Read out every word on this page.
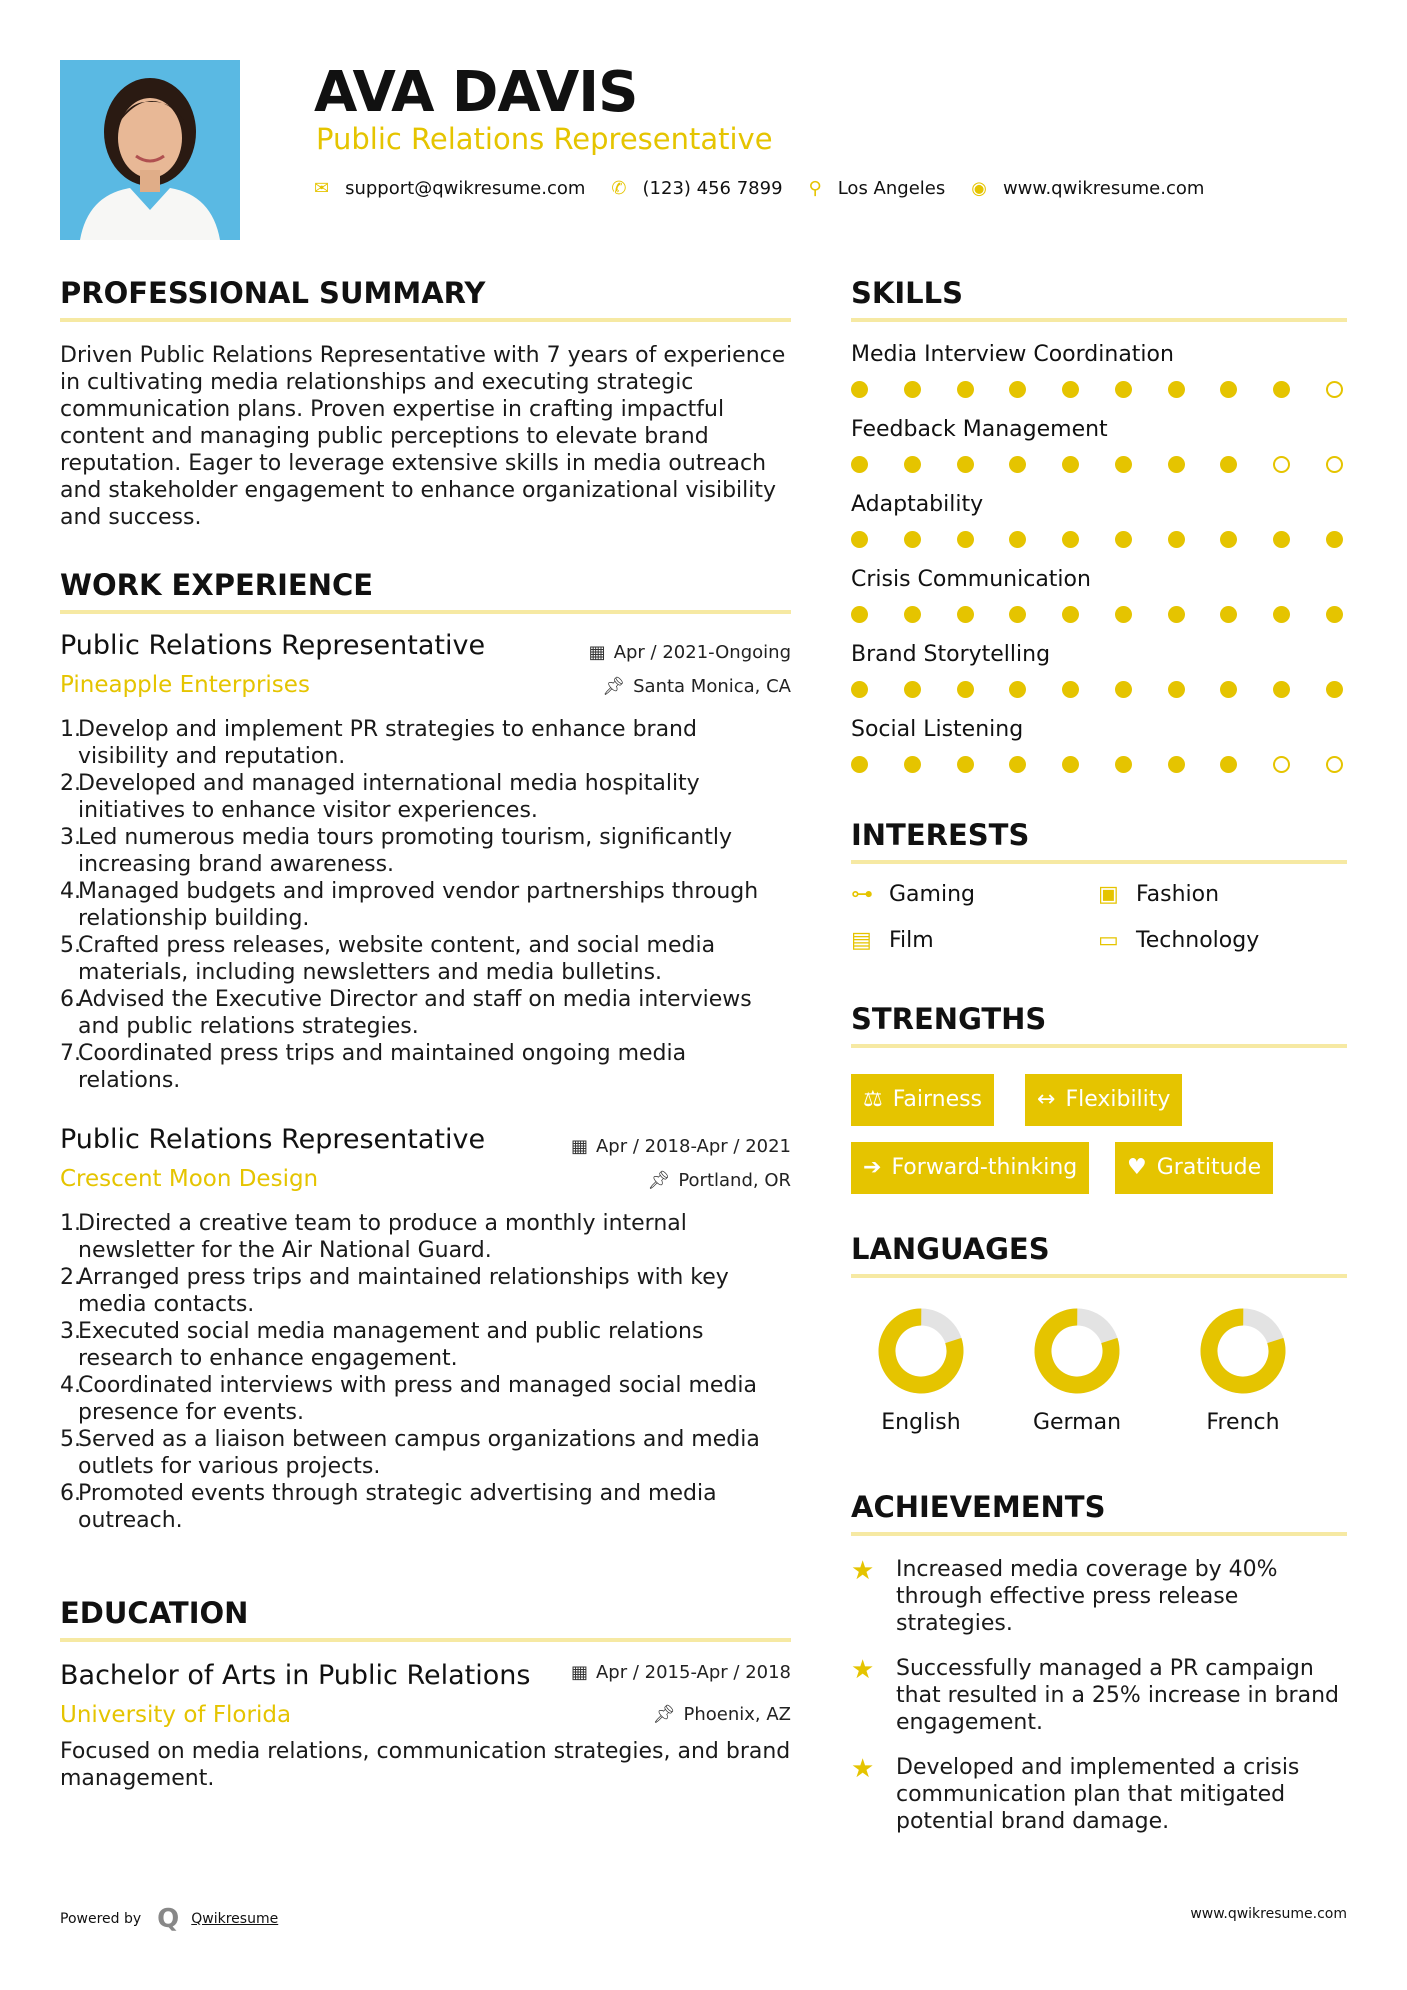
AVA DAVIS
Public Relations Representative
✉ support@qwikresume.com ✆ (123) 456 7899 ⚲ Los Angeles ◉ www.qwikresume.com
PROFESSIONAL SUMMARY
Driven Public Relations Representative with 7 years of experience in cultivating media relationships and executing strategic communication plans. Proven expertise in crafting impactful content and managing public perceptions to elevate brand reputation. Eager to leverage extensive skills in media outreach and stakeholder engagement to enhance organizational visibility and success.
WORK EXPERIENCE
Public Relations Representative	▦ Apr / 2021-Ongoing
Pineapple Enterprises	📌︎ Santa Monica, CA
1.
Develop and implement PR strategies to enhance brand visibility and reputation.
2.
Developed and managed international media hospitality initiatives to enhance visitor experiences.
3.
Led numerous media tours promoting tourism, significantly increasing brand awareness.
4.
Managed budgets and improved vendor partnerships through relationship building.
5.
Crafted press releases, website content, and social media materials, including newsletters and media bulletins.
6.
Advised the Executive Director and staff on media interviews and public relations strategies.
7.
Coordinated press trips and maintained ongoing media relations.
Public Relations Representative	▦ Apr / 2018-Apr / 2021
Crescent Moon Design	📌︎ Portland, OR
1.
Directed a creative team to produce a monthly internal newsletter for the Air National Guard.
2.
Arranged press trips and maintained relationships with key media contacts.
3.
Executed social media management and public relations research to enhance engagement.
4.
Coordinated interviews with press and managed social media presence for events.
5.
Served as a liaison between campus organizations and media outlets for various projects.
6.
Promoted events through strategic advertising and media outreach.
EDUCATION
Bachelor of Arts in Public Relations ▦ Apr / 2015-Apr / 2018
University of Florida	📌︎ Phoenix, AZ
Focused on media relations, communication strategies, and brand management.
SKILLS
Media Interview Coordination
Feedback Management
Adaptability
Crisis Communication
Brand Storytelling
Social Listening
INTERESTS
⊶ Gaming	▣ Fashion
▤ Film	▭ Technology
STRENGTHS
⚖ Fairness ↔ Flexibility
➔ Forward-thinking ♥ Gratitude
LANGUAGES
English	German	French
ACHIEVEMENTS
★ Increased media coverage by 40% through effective press release strategies.
★ Successfully managed a PR campaign that resulted in a 25% increase in brand engagement.
★ Developed and implemented a crisis communication plan that mitigated potential brand damage.
Powered by Q Qwikresume	www.qwikresume.com
